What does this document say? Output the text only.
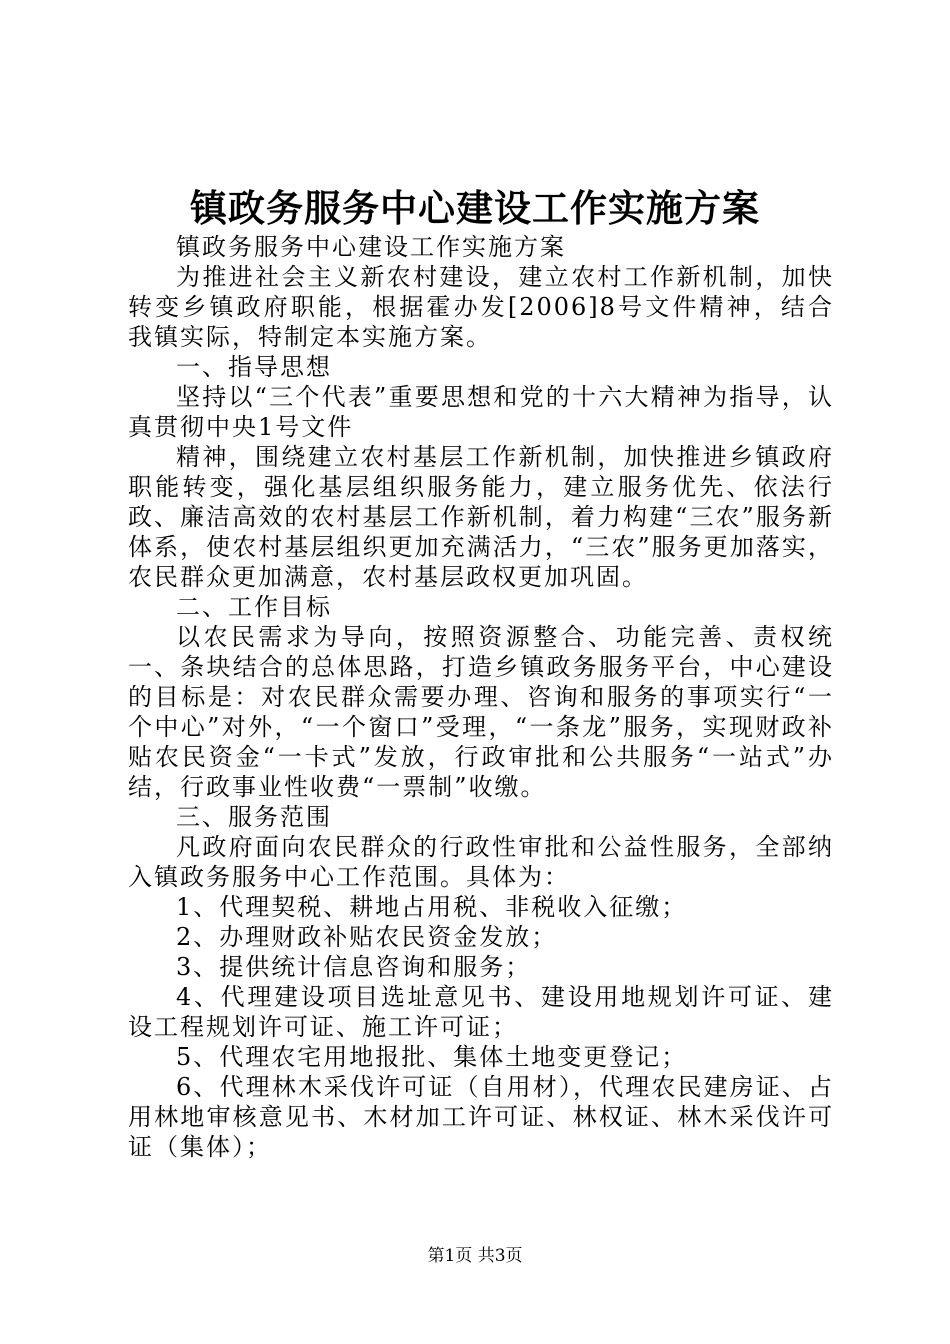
镇政务服务中心建设工作实施方案

镇政务服务中心建设工作实施方案

为推进社会主义新农村建设，建立农村工作新机制，加快转变乡镇政府职能，根据霍办发[2006]8号文件精神，结合我镇实际，特制定本实施方案。

一、指导思想

坚持以“三个代表”重要思想和党的十六大精神为指导，认真贯彻中央1号文件

精神，围绕建立农村基层工作新机制，加快推进乡镇政府职能转变，强化基层组织服务能力，建立服务优先、依法行政、廉洁高效的农村基层工作新机制，着力构建“三农”服务新体系，使农村基层组织更加充满活力，“三农”服务更加落实，农民群众更加满意，农村基层政权更加巩固。

二、工作目标

以农民需求为导向，按照资源整合、功能完善、责权统一、条块结合的总体思路，打造乡镇政务服务平台，中心建设的目标是：对农民群众需要办理、咨询和服务的事项实行“一个中心”对外，“一个窗口”受理，“一条龙”服务，实现财政补贴农民资金“一卡式”发放，行政审批和公共服务“一站式”办结，行政事业性收费“一票制”收缴。

三、服务范围

凡政府面向农民群众的行政性审批和公益性服务，全部纳入镇政务服务中心工作范围。具体为：

1、代理契税、耕地占用税、非税收入征缴；

2、办理财政补贴农民资金发放；

3、提供统计信息咨询和服务；

4、代理建设项目选址意见书、建设用地规划许可证、建设工程规划许可证、施工许可证；

5、代理农宅用地报批、集体土地变更登记；

6、代理林木采伐许可证（自用材），代理农民建房证、占用林地审核意见书、木材加工许可证、林权证、林木采伐许可证（集体）；

第1页 共3页
